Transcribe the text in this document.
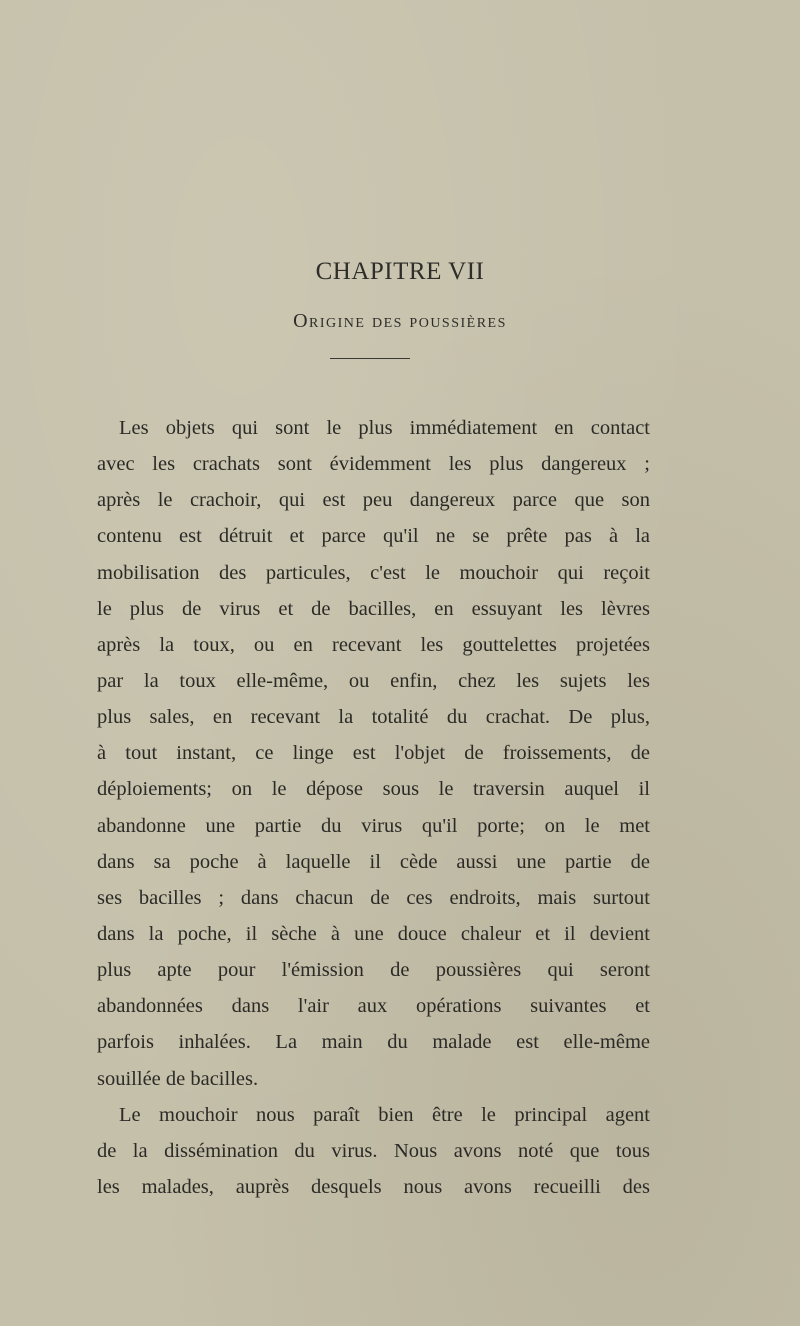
CHAPITRE VII
Origine des poussières
Les objets qui sont le plus immédiatement en contact
avec les crachats sont évidemment les plus dangereux ;
après le crachoir, qui est peu dangereux parce que son
contenu est détruit et parce qu'il ne se prête pas à la
mobilisation des particules, c'est le mouchoir qui reçoit
le plus de virus et de bacilles, en essuyant les lèvres
après la toux, ou en recevant les gouttelettes projetées
par la toux elle-même, ou enfin, chez les sujets les
plus sales, en recevant la totalité du crachat. De plus,
à tout instant, ce linge est l'objet de froissements, de
déploiements; on le dépose sous le traversin auquel il
abandonne une partie du virus qu'il porte; on le met
dans sa poche à laquelle il cède aussi une partie de
ses bacilles ; dans chacun de ces endroits, mais surtout
dans la poche, il sèche à une douce chaleur et il devient
plus apte pour l'émission de poussières qui seront
abandonnées dans l'air aux opérations suivantes et
parfois inhalées. La main du malade est elle-même
souillée de bacilles.
Le mouchoir nous paraît bien être le principal agent
de la dissémination du virus. Nous avons noté que tous
les malades, auprès desquels nous avons recueilli des
